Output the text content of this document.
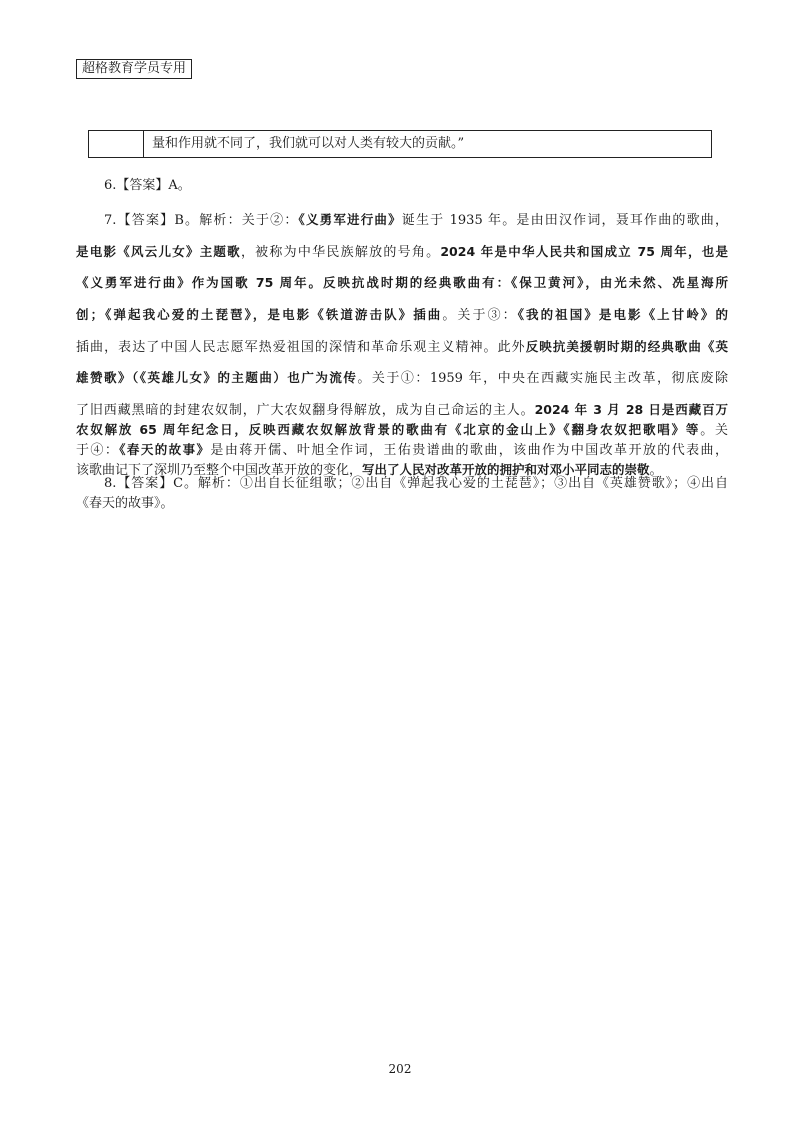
超格教育学员专用
量和作用就不同了，我们就可以对人类有较大的贡献。”

6.【答案】A。

7.【答案】B。解析：关于②：《义勇军进行曲》诞生于 1935 年。是由田汉作词，聂耳作曲的歌曲，
是电影《风云儿女》主题歌，被称为中华民族解放的号角。2024 年是中华人民共和国成立 75 周年，也是
《义勇军进行曲》作为国歌 75 周年。反映抗战时期的经典歌曲有：《保卫黄河》，由光未然、冼星海所
创；《弹起我心爱的土琵琶》，是电影《铁道游击队》插曲。关于③：《我的祖国》是电影《上甘岭》的
插曲，表达了中国人民志愿军热爱祖国的深情和革命乐观主义精神。此外反映抗美援朝时期的经典歌曲《英
雄赞歌》（《英雄儿女》的主题曲）也广为流传。关于①：1959 年，中央在西藏实施民主改革，彻底废除
了旧西藏黑暗的封建农奴制，广大农奴翻身得解放，成为自己命运的主人。2024 年 3 月 28 日是西藏百万
农奴解放 65 周年纪念日，反映西藏农奴解放背景的歌曲有《北京的金山上》《翻身农奴把歌唱》等。关
于④：《春天的故事》是由蒋开儒、叶旭全作词，王佑贵谱曲的歌曲，该曲作为中国改革开放的代表曲，
该歌曲记下了深圳乃至整个中国改革开放的变化，写出了人民对改革开放的拥护和对邓小平同志的崇敬。
8.【答案】C。解析：①出自长征组歌；②出自《弹起我心爱的土琵琶》；③出自《英雄赞歌》；④出自
《春天的故事》。
202
